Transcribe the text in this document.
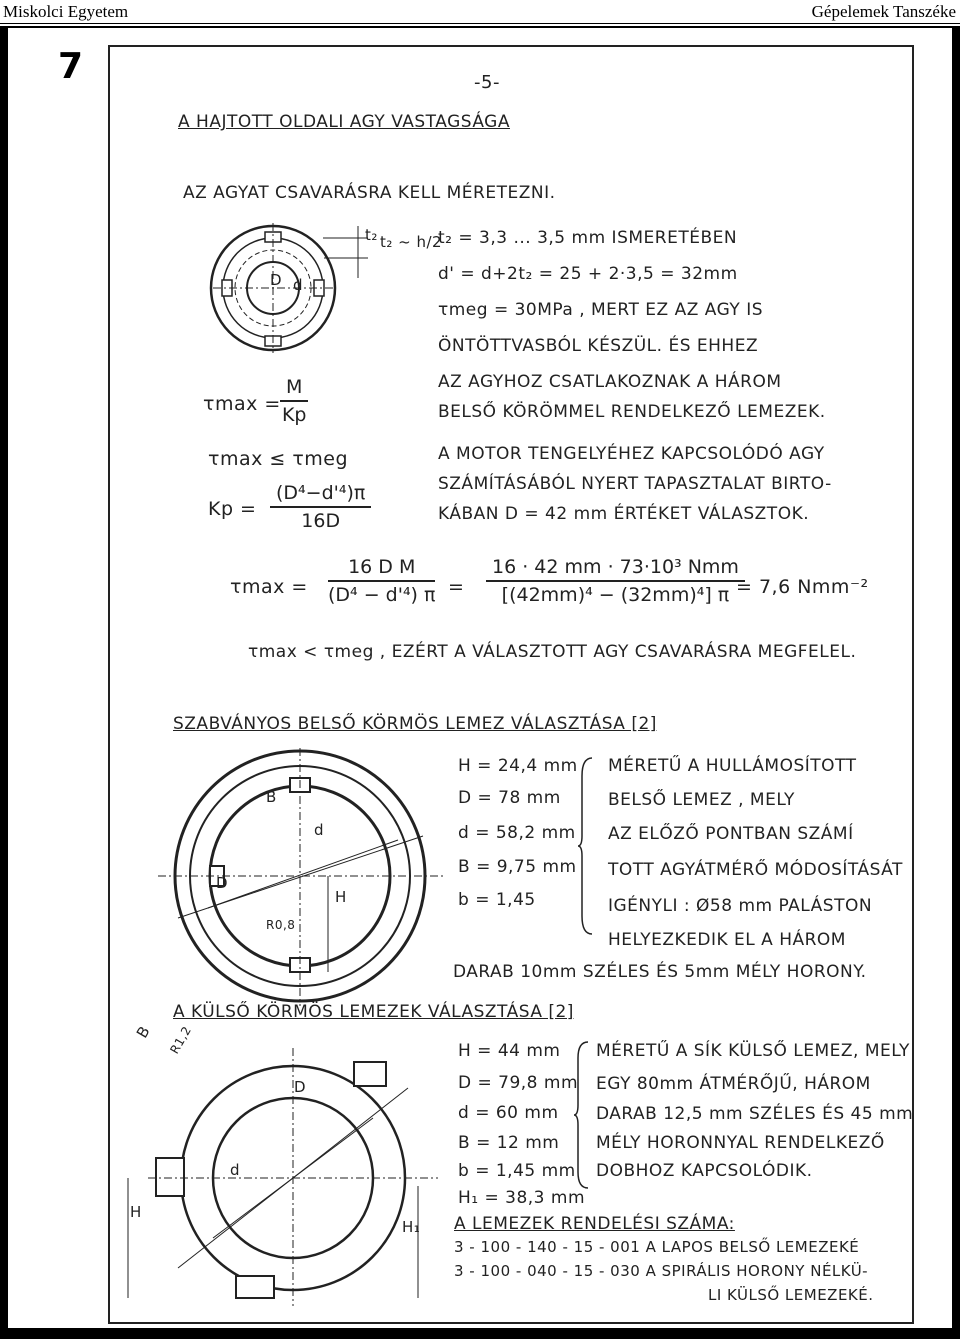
Miskolci Egyetem	Gépelemek Tanszéke
7	-5-
A HAJTOTT OLDALI AGY VASTAGSÁGA
AZ AGYAT CSAVARÁSRA KELL MÉRETEZNI.
D d
t₂ t₂ ~ h/2
t₂ = 3,3 ... 3,5 mm ISMERETÉBEN
d' = d+2t₂ = 25 + 2·3,5 = 32mm
τmeg = 30MPa , MERT EZ AZ AGY IS
ÖNTÖTTVASBÓL KÉSZÜL. ÉS EHHEZ
AZ AGYHOZ CSATLAKOZNAK A HÁROM
BELSŐ KÖRÖMMEL RENDELKEZŐ LEMEZEK.
A MOTOR TENGELYÉHEZ KAPCSOLÓDÓ AGY
SZÁMÍTÁSÁBÓL NYERT TAPASZTALAT BIRTO-
KÁBAN D = 42 mm ÉRTÉKET VÁLASZTOK.
$\tau\max = \frac{M}{Kp}$
τmax ≤ τmeg
$Kp = \frac{\text{(D⁴−d'⁴)π}}{16D}$
$\tau\max = \frac{\text{16 D M}}{\text{(D⁴ − d'⁴) π}}$ =
16 · 42 mm · 73·10³ Nmm
[(42mm)⁴ − (32mm)⁴] π = 7,6 Nmm⁻²
τmax < τmeg , EZÉRT A VÁLASZTOTT AGY CSAVARÁSRA MEGFELEL.
SZABVÁNYOS BELSŐ KÖRMÖS LEMEZ VÁLASZTÁSA [2]
B
d
D
H
R0,8
H = 24,4 mm
D = 78 mm
d = 58,2 mm
B = 9,75 mm
b = 1,45
MÉRETŰ A HULLÁMOSÍTOTT
BELSŐ LEMEZ , MELY
AZ ELŐZŐ PONTBAN SZÁMÍ
TOTT AGYÁTMÉRŐ MÓDOSÍTÁSÁT
IGÉNYLI : Ø58 mm PALÁSTON
HELYEZKEDIK EL A HÁROM
DARAB 10mm SZÉLES ÉS 5mm MÉLY HORONY.
A KÜLSŐ KÖRMÖS LEMEZEK VÁLASZTÁSA [2]
B R1,2
D
d
H
H₁
H = 44 mm
D = 79,8 mm
d = 60 mm
B = 12 mm
b = 1,45 mm
H₁ = 38,3 mm
MÉRETŰ A SÍK KÜLSŐ LEMEZ, MELY
EGY 80mm ÁTMÉRŐJŰ, HÁROM
DARAB 12,5 mm SZÉLES ÉS 45 mm
MÉLY HORONNYAL RENDELKEZŐ
DOBHOZ KAPCSOLÓDIK.
A LEMEZEK RENDELÉSI SZÁMA:
3 - 100 - 140 - 15 - 001 A LAPOS BELSŐ LEMEZEKÉ
3 - 100 - 040 - 15 - 030 A SPIRÁLIS HORONY NÉLKÜ-
LI KÜLSŐ LEMEZEKÉ.
